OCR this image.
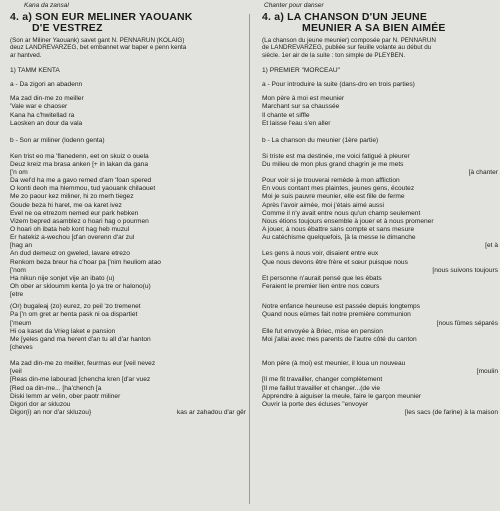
Kana da zansal
4. a) SON EUR MELINER YAOUANK
D'E VESTREZ
(Son ar Miliner Yaouank) savet gant N. PENNARUN (KOLAIG)
deuz LANDREVARZEG, bet embannet war baper e penn kenta
ar hantved.
1) TAMM KENTA
a - Da zigori an abadenn
Ma zad din-me zo meiller
'Vale war e chaoser
Kana ha c'hwitellad ra
Laosken an dour da vala
b - Son ar miliner (lodenn genta)
Ken trist eo ma 'flanedenn, eet on skuiz o ouela
Deuz kreiz ma brasa anken [+ in lakan da gana
['n om
Da wel'd ha me a gavo remed d'am 'foan spered
O konti deoh ma hlemmou, tud yaouank chilaouet
Me zo paour kez miliner, hi zo merh tiegez
Goude beza hi haret, me oa karet ivez
Evel ne oa etrezom nemed eur park hebken
Vizem bepred asamblez o hoari hag o pourmen
O hoari oh ibata heb kont hag heb muzul
Er hatekiz a-wechou [d'an overenn d'ar zul
[hag an
An dud demeuz on gweled, lavare etrezo
Renkom beza breur ha c'hoar pa ['nim heuliom atao
['nom
Ha nikun nije sonjet vije an ibato (u)
Oh ober ar skloumm kenta [o ya tre or halono(u)
[etre
(Or) bugaleaj (zo) eurez, zo peil 'zo tremenet
Pa ['n om gret ar henta pask ni oa dispartiet
['meum
Hi oa kaset da Vrieg laket e pansion
Me [yeles gand ma herent d'an tu all d'ar hanton
[cheves
Ma zad din-me zo meiller, feurmas eur [veil nevez
[veil
[Reas din-me labourad [chencha kren [d'ar vuez
[Red oa din-me... [ha'chench [a
Diski lemm ar velin, ober paotr miliner
Digori dor ar skluzou
Digor(i) an nor d'ar skluzou}	kas ar zahadou d'ar gêr
Chanter pour danser
4. a) LA CHANSON D'UN JEUNE
MEUNIER A SA BIEN AIMÉE
(La chanson du jeune meunier) composée par N. PENNARUN
de LANDREVARZEG, publiée sur feuille volante au début du
siècle. 1er air de la suite : ton simple de PLEYBEN.
1) PREMIER "MORCEAU"
a - Pour introduire la suite (dans-dro en trois parties)
Mon père à moi est meunier
Marchant sur sa chaussée
Il chante et siffle
Et laisse l'eau s'en aller
b - La chanson du meunier (1ère partie)
Si triste est ma destinée, me voici fatigué à pleurer
Du milieu de mon plus grand chagrin je me mets
[à chanter
Pour voir si je trouverai remède à mon affliction
En vous contant mes plaintes, jeunes gens, écoutez
Moi je suis pauvre meunier, elle est fille de ferme
Après l'avoir aimée, moi j'étais aimé aussi
Comme il n'y avait entre nous qu'un champ seulement
Nous étions toujours ensemble à jouer et à nous promener
A jouer, à nous ébattre sans compte et sans mesure
Au catéchisme quelquefois, [à la messe le dimanche
[et à
Les gens à nous voir, disaient entre eux
Que nous devons être frère et sœur puisque nous
[nous suivons toujours
Et personne n'aurait pensé que les ébats
Feraient le premier lien entre nos cœurs
Notre enfance heureuse est passée depuis longtemps
Quand nous eûmes fait notre première communion
[nous fûmes séparés
Elle fut envoyée à Briec, mise en pension
Moi j'allai avec mes parents de l'autre côté du canton
Mon père (à moi) est meunier, il loua un nouveau
[moulin
[Il me fit travailler, changer complètement
[Il me faillut travailler et changer...(de vie
Apprendre à aiguiser la meule, faire le garçon meunier
Ouvrir la porte des écluses "envoyer
[les sacs (de farine) à la maison
